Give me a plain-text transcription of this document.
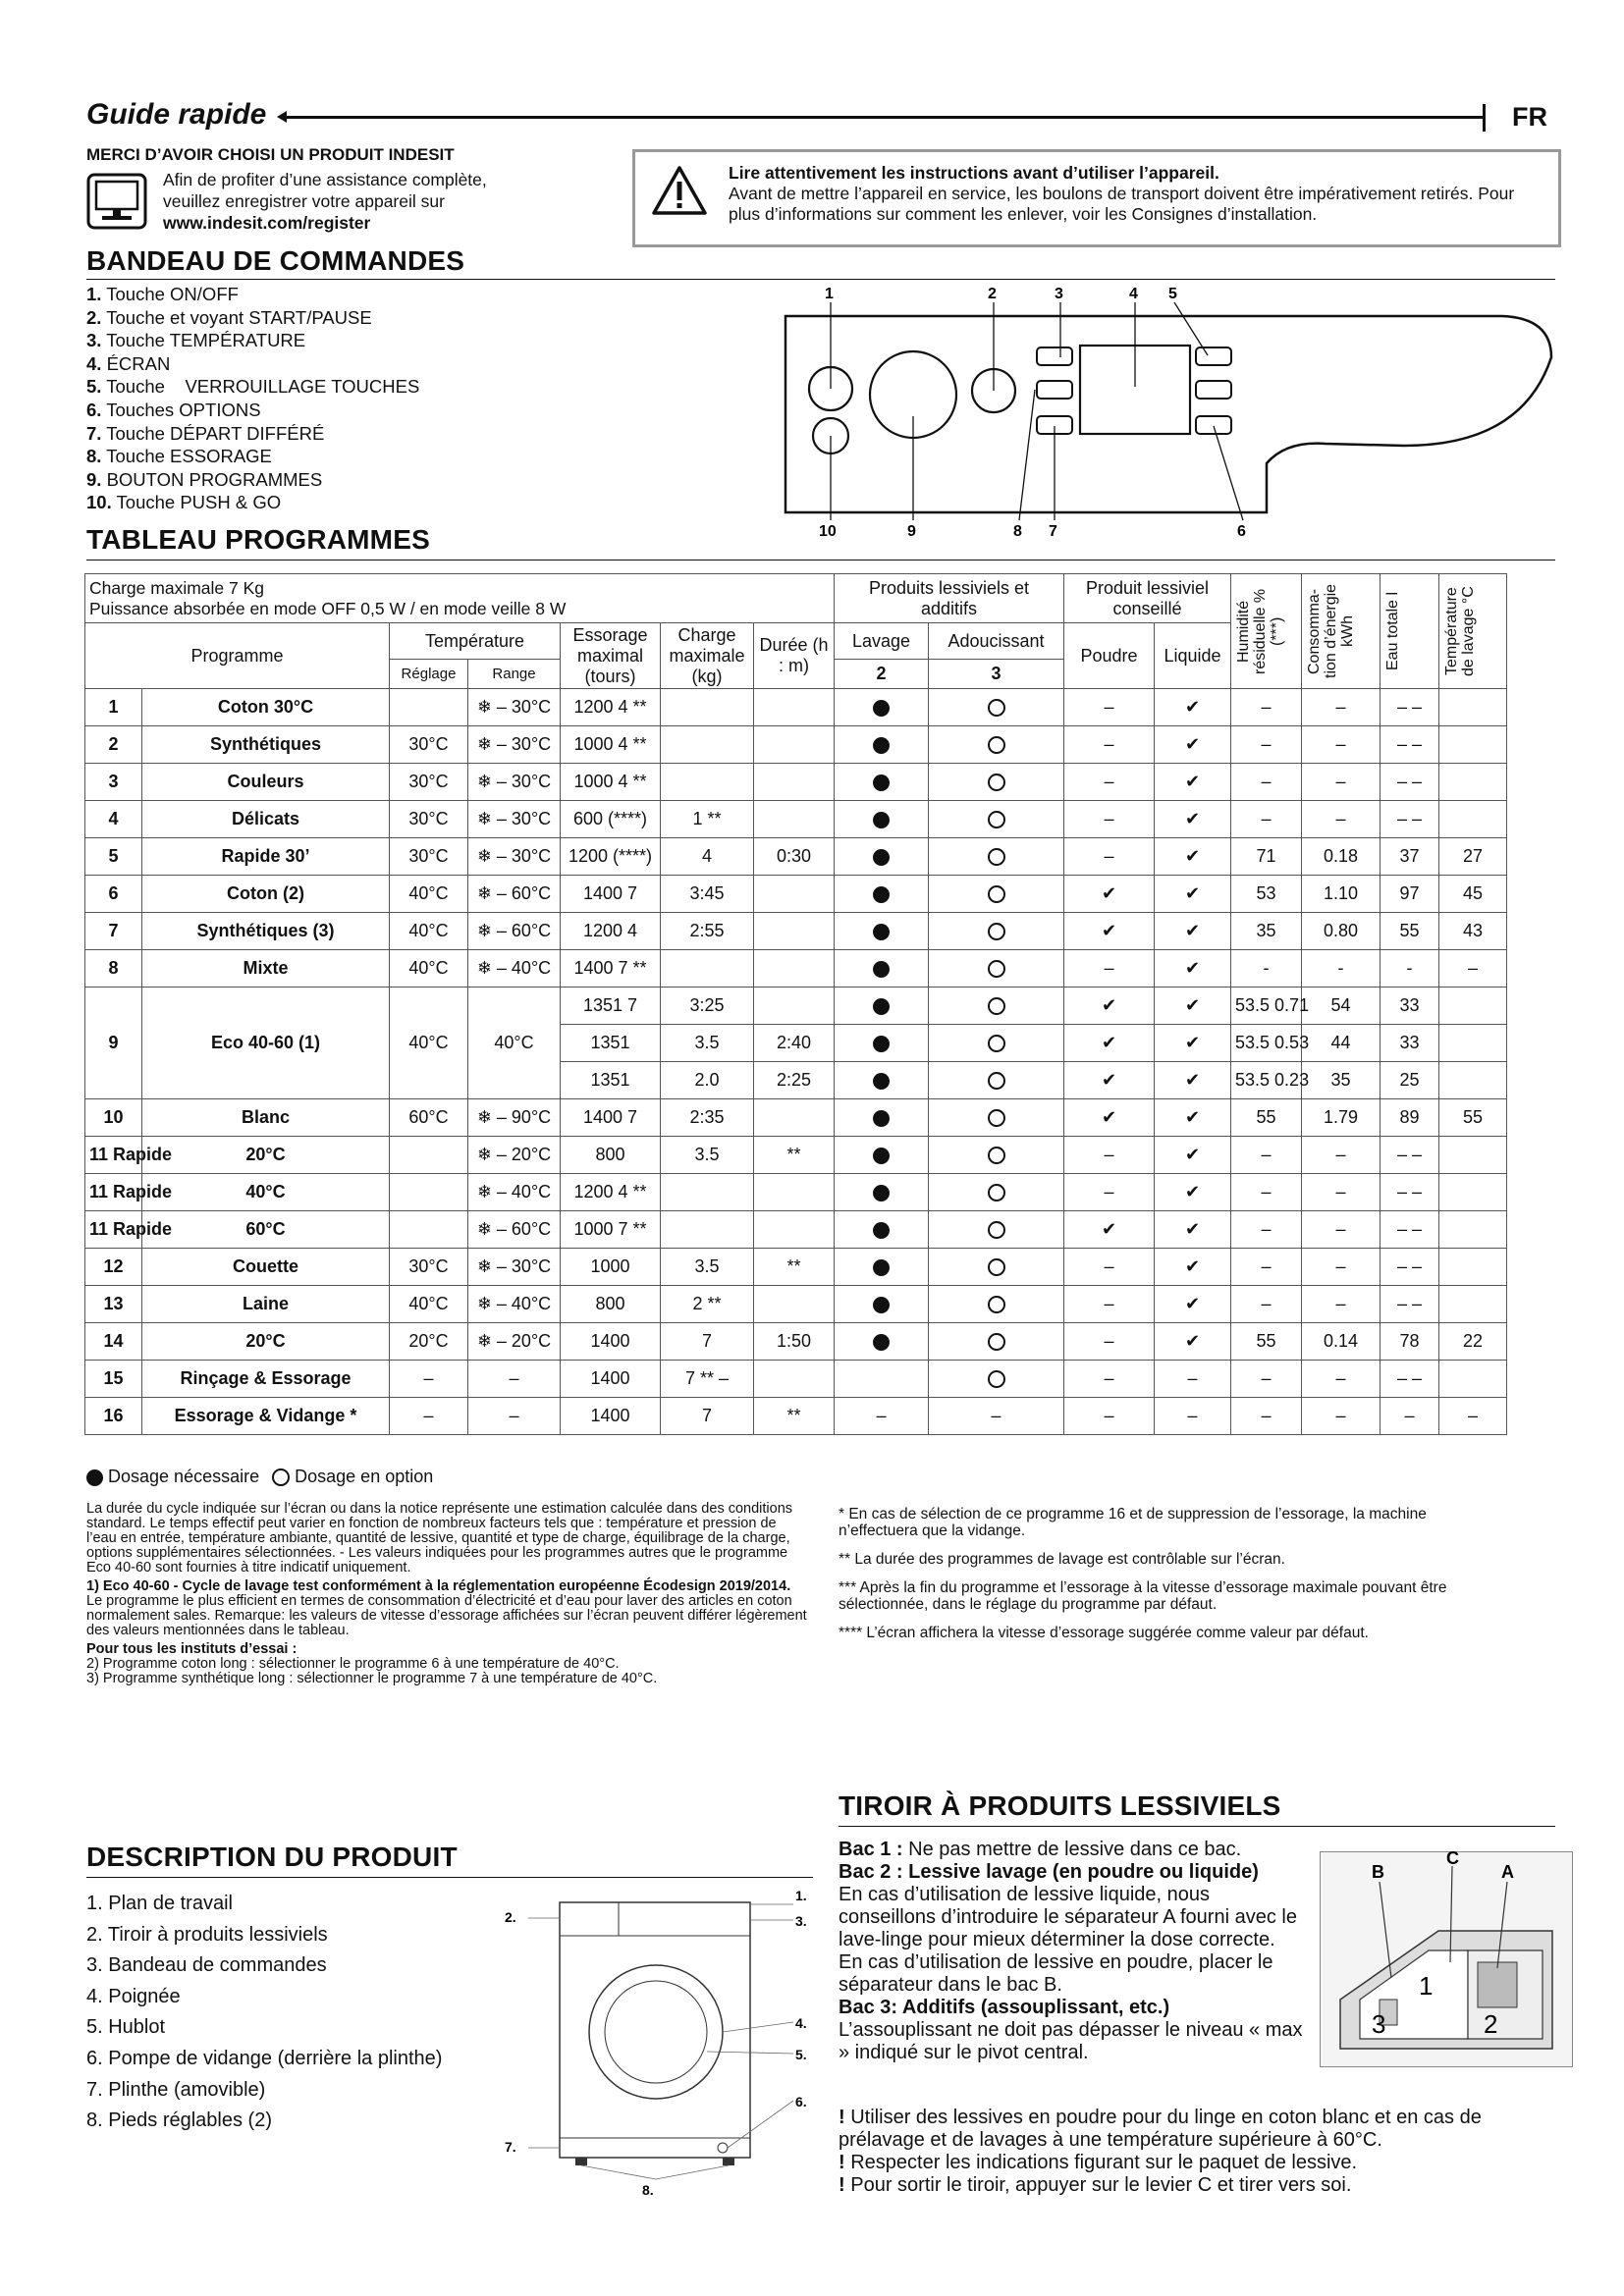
Guide rapide	FR
MERCI D’AVOIR CHOISI UN PRODUIT INDESIT
Afin de profiter d’une assistance complète,
veuillez enregistrer votre appareil sur
www.indesit.com/register
Lire attentivement les instructions avant d’utiliser l’appareil.
Avant de mettre l’appareil en service, les boulons de transport doivent être impérativement retirés. Pour plus d’informations sur comment les enlever, voir les Consignes d’installation.
BANDEAU DE COMMANDES
1. Touche ON/OFF
2. Touche et voyant START/PAUSE
3. Touche TEMPÉRATURE
4. ÉCRAN
5. Touche    VERROUILLAGE TOUCHES
6. Touches OPTIONS
7. Touche DÉPART DIFFÉRÉ
8. Touche ESSORAGE
9. BOUTON PROGRAMMES
10. Touche PUSH & GO
1	2	3	4 5
10	9	8 7	6
TABLEAU PROGRAMMES
Charge maximale 7 Kg
Puissance absorbée en mode OFF 0,5 W / en mode veille 8 W							Produits lessiviels et additifs		Produit lessiviel conseillé		Humidité résiduelle % (***)	Consomma-tion d’énergie kWh	Eau totale l	Température de lavage °C

Programme		Température		Essorage maximal (tours)	Charge maximale (kg)	Durée (h : m)	Lavage	Adoucissant	Poudre	Liquide				
		Réglage	Range				2	3						
1	Coton 30°C		❄ – 30°C	1200 4 **					–	✔	–	–	– –	
2	Synthétiques	30°C	❄ – 30°C	1000 4 **					–	✔	–	–	– –	
3	Couleurs	30°C	❄ – 30°C	1000 4 **					–	✔	–	–	– –	
4	Délicats	30°C	❄ – 30°C	600 (****)	1 **				–	✔	–	–	– –	
5	Rapide 30’	30°C	❄ – 30°C	1200 (****)	4	0:30			–	✔	71	0.18	37	27
6	Coton (2)	40°C	❄ – 60°C	1400 7	3:45				✔	✔	53	1.10	97	45
7	Synthétiques (3)	40°C	❄ – 60°C	1200 4	2:55				✔	✔	35	0.80	55	43
8	Mixte	40°C	❄ – 40°C	1400 7 **					–	✔	-	-	-	–
9	Eco 40-60 (1)	40°C	40°C	1351 7	3:25				✔	✔	53.5 0.71	54	33	
				1351	3.5	2:40			✔	✔	53.5 0.53	44	33	
				1351	2.0	2:25			✔	✔	53.5 0.23	35	25	
10	Blanc	60°C	❄ – 90°C	1400 7	2:35				✔	✔	55	1.79	89	55
11 Rapide	20°C		❄ – 20°C	800	3.5	**			–	✔	–	–	– –	
11 Rapide	40°C		❄ – 40°C	1200 4 **					–	✔	–	–	– –	
11 Rapide	60°C		❄ – 60°C	1000 7 **					✔	✔	–	–	– –	
12	Couette	30°C	❄ – 30°C	1000	3.5	**			–	✔	–	–	– –	
13	Laine	40°C	❄ – 40°C	800	2 **				–	✔	–	–	– –	
14	20°C	20°C	❄ – 20°C	1400	7	1:50			–	✔	55	0.14	78	22
15	Rinçage & Essorage	–	–	1400	7 ** –				–	–	–	–	– –	
16	Essorage & Vidange *	–	–	1400	7	**	–	–	–	–	–	–	–	–
Dosage nécessaire Dosage en option

La durée du cycle indiquée sur l’écran ou dans la notice représente une estimation calculée dans des conditions standard. Le temps effectif peut varier en fonction de nombreux facteurs tels que : température et pression de l’eau en entrée, température ambiante, quantité de lessive, quantité et type de charge, équilibrage de la charge, options supplémentaires sélectionnées. - Les valeurs indiquées pour les programmes autres que le programme Eco 40-60 sont fournies à titre indicatif uniquement.

1) Eco 40-60 - Cycle de lavage test conformément à la réglementation européenne Écodesign 2019/2014. Le programme le plus efficient en termes de consommation d’électricité et d’eau pour laver des articles en coton normalement sales. Remarque: les valeurs de vitesse d’essorage affichées sur l’écran peuvent différer légèrement des valeurs mentionnées dans le tableau.

Pour tous les instituts d’essai :
2) Programme coton long : sélectionner le programme 6 à une température de 40°C.
3) Programme synthétique long : sélectionner le programme 7 à une température de 40°C.

* En cas de sélection de ce programme 16 et de suppression de l’essorage, la machine n’effectuera que la vidange.

** La durée des programmes de lavage est contrôlable sur l’écran.

*** Après la fin du programme et l’essorage à la vitesse d’essorage maximale pouvant être sélectionnée, dans le réglage du programme par défaut.

**** L’écran affichera la vitesse d’essorage suggérée comme valeur par défaut.

DESCRIPTION DU PRODUIT
1. Plan de travail
2. Tiroir à produits lessiviels
3. Bandeau de commandes
4. Poignée
5. Hublot
6. Pompe de vidange (derrière la plinthe)
7. Plinthe (amovible)
8. Pieds réglables (2)
1.
2.	3.
4.
5.
6.
7.
8.
TIROIR À PRODUITS LESSIVIELS

Bac 1 : Ne pas mettre de lessive dans ce bac.

Bac 2 : Lessive lavage (en poudre ou liquide)

En cas d’utilisation de lessive liquide, nous conseillons d’introduire le séparateur A fourni avec le lave-linge pour mieux déterminer la dose correcte.

En cas d’utilisation de lessive en poudre, placer le séparateur dans le bac B.

Bac 3: Additifs (assouplissant, etc.)

L’assouplissant ne doit pas dépasser le niveau « max » indiqué sur le pivot central.

A
B
C
1
2
3

! Utiliser des lessives en poudre pour du linge en coton blanc et en cas de prélavage et de lavages à une température supérieure à 60°C.

! Respecter les indications figurant sur le paquet de lessive.

! Pour sortir le tiroir, appuyer sur le levier C et tirer vers soi.
